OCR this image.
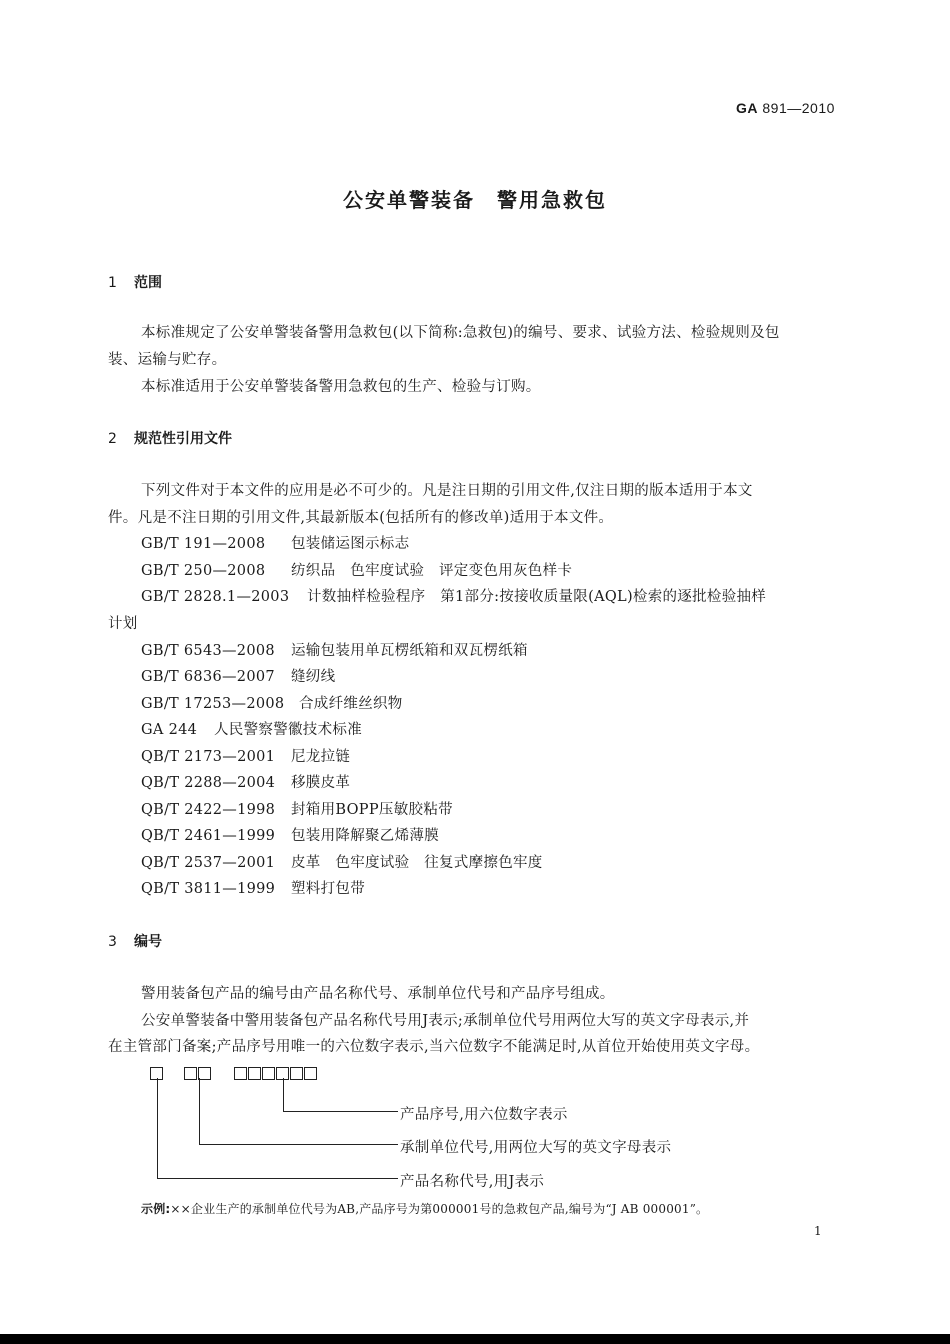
GA 891—2010
公安单警装备　警用急救包
1 范围
本标准规定了公安单警装备警用急救包(以下简称:急救包)的编号、要求、试验方法、检验规则及包
装、运输与贮存。
本标准适用于公安单警装备警用急救包的生产、检验与订购。
2 规范性引用文件
下列文件对于本文件的应用是必不可少的。凡是注日期的引用文件,仅注日期的版本适用于本文
件。凡是不注日期的引用文件,其最新版本(包括所有的修改单)适用于本文件。
GB/T 191—2008 包装储运图示标志
GB/T 250—2008 纺织品　色牢度试验　评定变色用灰色样卡
GB/T 2828.1—2003 计数抽样检验程序　第1部分:按接收质量限(AQL)检索的逐批检验抽样
计划
GB/T 6543—2008 运输包装用单瓦楞纸箱和双瓦楞纸箱
GB/T 6836—2007 缝纫线
GB/T 17253—2008 合成纤维丝织物
GA 244 人民警察警徽技术标准
QB/T 2173—2001 尼龙拉链
QB/T 2288—2004 移膜皮革
QB/T 2422—1998 封箱用BOPP压敏胶粘带
QB/T 2461—1999 包装用降解聚乙烯薄膜
QB/T 2537—2001 皮革　色牢度试验　往复式摩擦色牢度
QB/T 3811—1999 塑料打包带
3 编号
警用装备包产品的编号由产品名称代号、承制单位代号和产品序号组成。
公安单警装备中警用装备包产品名称代号用J表示;承制单位代号用两位大写的英文字母表示,并
在主管部门备案;产品序号用唯一的六位数字表示,当六位数字不能满足时,从首位开始使用英文字母。
产品序号,用六位数字表示
承制单位代号,用两位大写的英文字母表示
产品名称代号,用J表示
示例:××企业生产的承制单位代号为AB,产品序号为第000001号的急救包产品,编号为“J AB 000001”。
1
